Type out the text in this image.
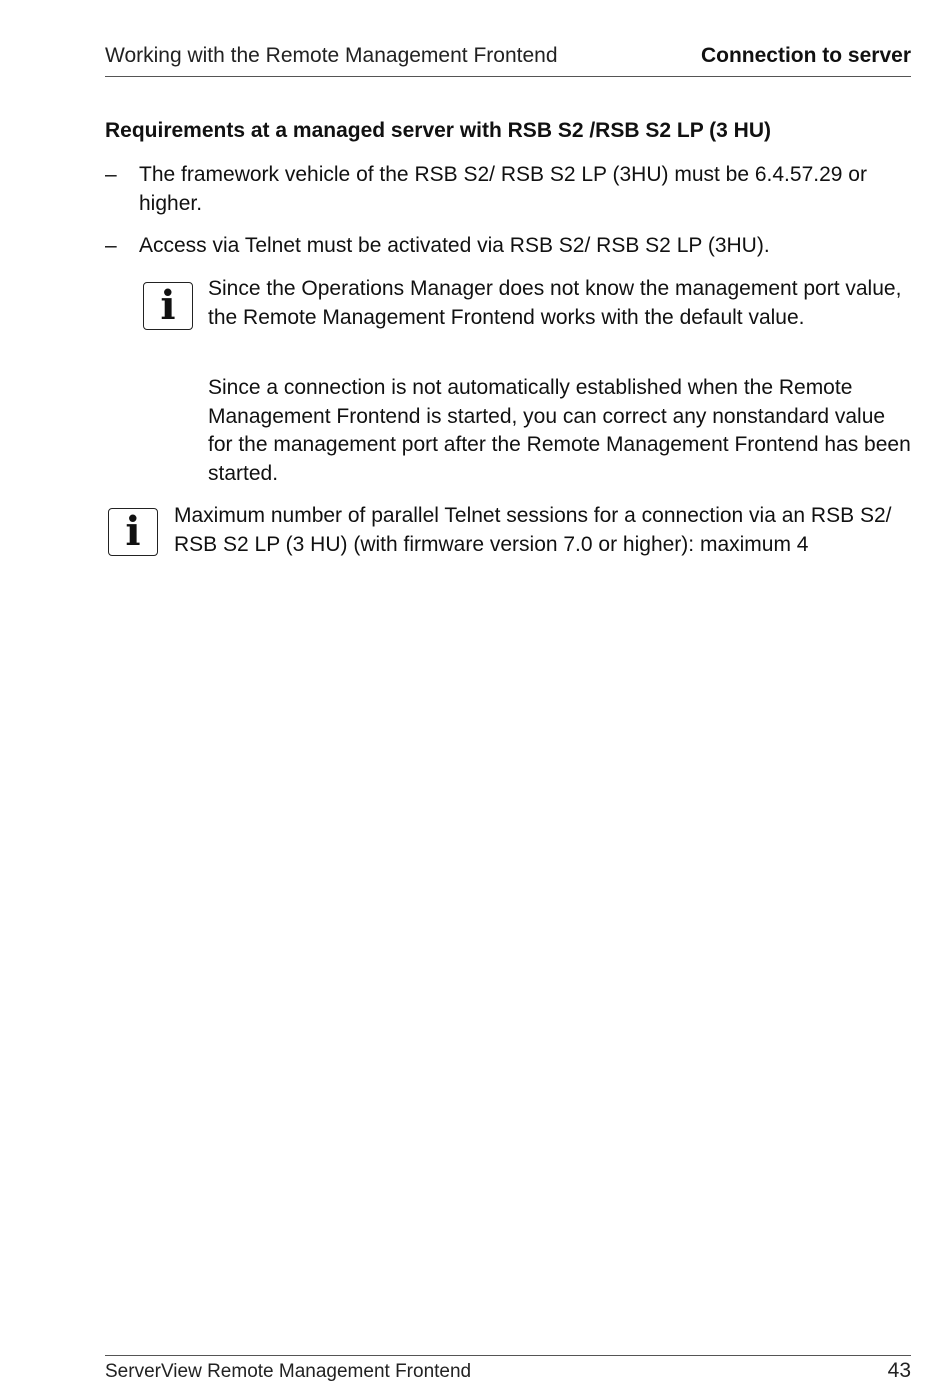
Working with the Remote Management Frontend	Connection to server
Requirements at a managed server with RSB S2 /RSB S2 LP (3 HU)
– The framework vehicle of the RSB S2/ RSB S2 LP (3HU) must be 6.4.57.29 or higher.
– Access via Telnet must be activated via RSB S2/ RSB S2 LP (3HU).
i	Since the Operations Manager does not know the management port value, the Remote Management Frontend works with the default value.

Since a connection is not automatically established when the Remote Management Frontend is started, you can correct any nonstandard value for the management port after the Remote Management Frontend has been started.

i	Maximum number of parallel Telnet sessions for a connection via an RSB S2/ RSB S2 LP (3 HU) (with firmware version 7.0 or higher): maximum 4

ServerView Remote Management Frontend	43
